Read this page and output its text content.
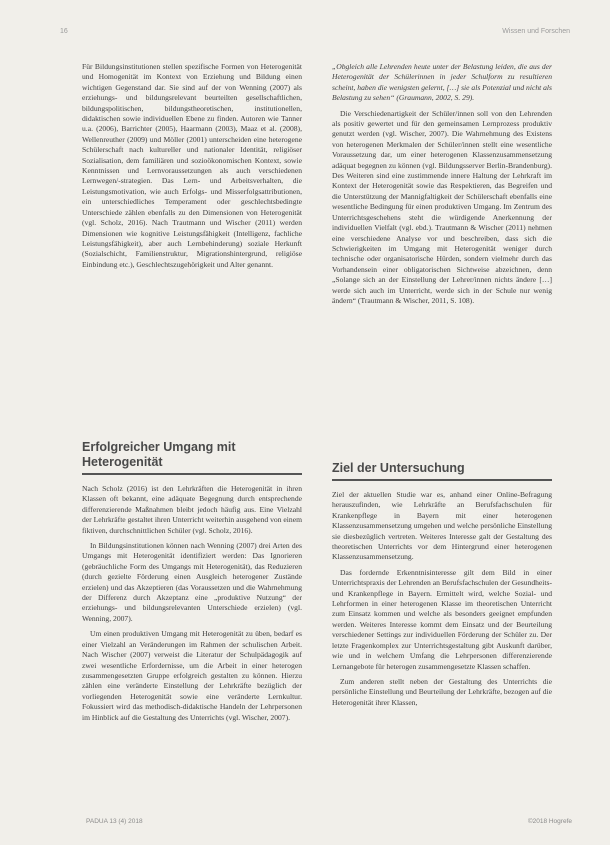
16	Wissen und Forschen

Für Bildungsinstitutionen stellen spezifische Formen von Heterogenität und Homogenität im Kontext von Erziehung und Bildung einen wichtigen Gegenstand dar. Sie sind auf der von Wenning (2007) als erziehungs- und bildungsrelevant beurteilten gesellschaftlichen, bildungspolitischen, bildungstheoretischen, institutionellen, didaktischen sowie individuellen Ebene zu finden. Autoren wie Tanner u.a. (2006), Barrichter (2005), Haarmann (2003), Maaz et al. (2008), Wellenreuther (2009) und Möller (2001) unterscheiden eine heterogene Schülerschaft nach kultureller und nationaler Identität, religiöser Sozialisation, dem familiären und sozioökonomischen Kontext, sowie Kenntnissen und Lernvoraussetzungen als auch verschiedenen Lernwegen/-strategien. Das Lern- und Arbeitsverhalten, die Leistungsmotivation, wie auch Erfolgs- und Misserfolgsattributionen, ein unterschiedliches Temperament oder geschlechtsbedingte Unterschiede zählen ebenfalls zu den Dimensionen von Heterogenität (vgl. Scholz, 2016). Nach Trautmann und Wischer (2011) werden Dimensionen wie kognitive Leistungsfähigkeit (Intelligenz, fachliche Leistungsfähigkeit), aber auch Lernbehinderung) soziale Herkunft (Sozialschicht, Familienstruktur, Migrationshintergrund, religiöse Einbindung etc.), Geschlechtszugehörigkeit und Alter genannt.

Erfolgreicher Umgang mit Heterogenität

Nach Scholz (2016) ist den Lehrkräften die Heterogenität in ihren Klassen oft bekannt, eine adäquate Begegnung durch entsprechende differenzierende Maßnahmen bleibt jedoch häufig aus. Eine Vielzahl der Lehrkräfte gestaltet ihren Unterricht weiterhin ausgehend von einem fiktiven, durchschnittlichen Schüler (vgl. Scholz, 2016).

In Bildungsinstitutionen können nach Wenning (2007) drei Arten des Umgangs mit Heterogenität identifiziert werden: Das Ignorieren (gebräuchliche Form des Umgangs mit Heterogenität), das Reduzieren (durch gezielte Förderung einen Ausgleich heterogener Zustände erzielen) und das Akzeptieren (das Voraussetzen und die Wahrnehmung der Differenz durch Akzeptanz eine „produktive Nutzung“ der erziehungs- und bildungsrelevanten Unterschiede erzielen) (vgl. Wenning, 2007).

Um einen produktiven Umgang mit Heterogenität zu üben, bedarf es einer Vielzahl an Veränderungen im Rahmen der schulischen Arbeit. Nach Wischer (2007) verweist die Literatur der Schulpädagogik auf zwei wesentliche Erfordernisse, um die Arbeit in einer heterogen zusammengesetzten Gruppe erfolgreich gestalten zu können. Hierzu zählen eine veränderte Einstellung der Lehrkräfte bezüglich der vorliegenden Heterogenität sowie eine veränderte Lernkultur. Fokussiert wird das methodisch-didaktische Handeln der Lehrpersonen im Hinblick auf die Gestaltung des Unterrichts (vgl. Wischer, 2007).

„Obgleich alle Lehrenden heute unter der Belastung leiden, die aus der Heterogenität der Schülerinnen in jeder Schulform zu resultieren scheint, haben die wenigsten gelernt, […] sie als Potenzial und nicht als Belastung zu sehen“ (Graumann, 2002, S. 29).

Die Verschiedenartigkeit der Schüler/innen soll von den Lehrenden als positiv gewertet und für den gemeinsamen Lernprozess produktiv genutzt werden (vgl. Wischer, 2007). Die Wahrnehmung des Existens von heterogenen Merkmalen der Schüler/innen stellt eine wesentliche Voraussetzung dar, um einer heterogenen Klassenzusammensetzung adäquat begegnen zu können (vgl. Bildungsserver Berlin-Brandenburg). Des Weiteren sind eine zustimmende innere Haltung der Lehrkraft im Kontext der Heterogenität sowie das Respektieren, das Begreifen und die Unterstützung der Mannigfaltigkeit der Schülerschaft ebenfalls eine wesentliche Bedingung für einen produktiven Umgang. Im Zentrum des Unterrichtsgeschehens steht die würdigende Anerkennung der individuellen Vielfalt (vgl. ebd.). Trautmann & Wischer (2011) nehmen eine verschiedene Analyse vor und beschreiben, dass sich die Schwierigkeiten im Umgang mit Heterogenität weniger durch technische oder organisatorische Hürden, sondern vielmehr durch das Vorhandensein einer obligatorischen Sichtweise abzeichnen, denn „Solange sich an der Einstellung der Lehrer/innen nichts ändere […] werde sich auch im Unterricht, werde sich in der Schule nur wenig ändern“ (Trautmann & Wischer, 2011, S. 108).

Ziel der Untersuchung

Ziel der aktuellen Studie war es, anhand einer Online-Befragung herauszufinden, wie Lehrkräfte an Berufsfachschulen für Krankenpflege in Bayern mit einer heterogenen Klassenzusammensetzung umgehen und welche persönliche Einstellung sie diesbezüglich vertreten. Weiteres Interesse galt der Gestaltung des theoretischen Unterrichts vor dem Hintergrund einer heterogenen Klassenzusammensetzung.

Das fordernde Erkenntnisinteresse gilt dem Bild in einer Unterrichtspraxis der Lehrenden an Berufsfachschulen der Gesundheits- und Krankenpflege in Bayern. Ermittelt wird, welche Sozial- und Lehrformen in einer heterogenen Klasse im theoretischen Unterricht zum Einsatz kommen und welche als besonders geeignet empfunden werden. Weiteres Interesse kommt dem Einsatz und der Beurteilung verschiedener Settings zur individuellen Förderung der Schüler zu. Der letzte Fragenkomplex zur Unterrichtsgestaltung gibt Auskunft darüber, wie und in welchem Umfang die Lehrpersonen differenzierende Lernangebote für heterogen zusammengesetzte Klassen schaffen.

Zum anderen stellt neben der Gestaltung des Unterrichts die persönliche Einstellung und Beurteilung der Lehrkräfte, bezogen auf die Heterogenität ihrer Klassen,

PADUA 13 (4) 2018	©2018 Hogrefe
